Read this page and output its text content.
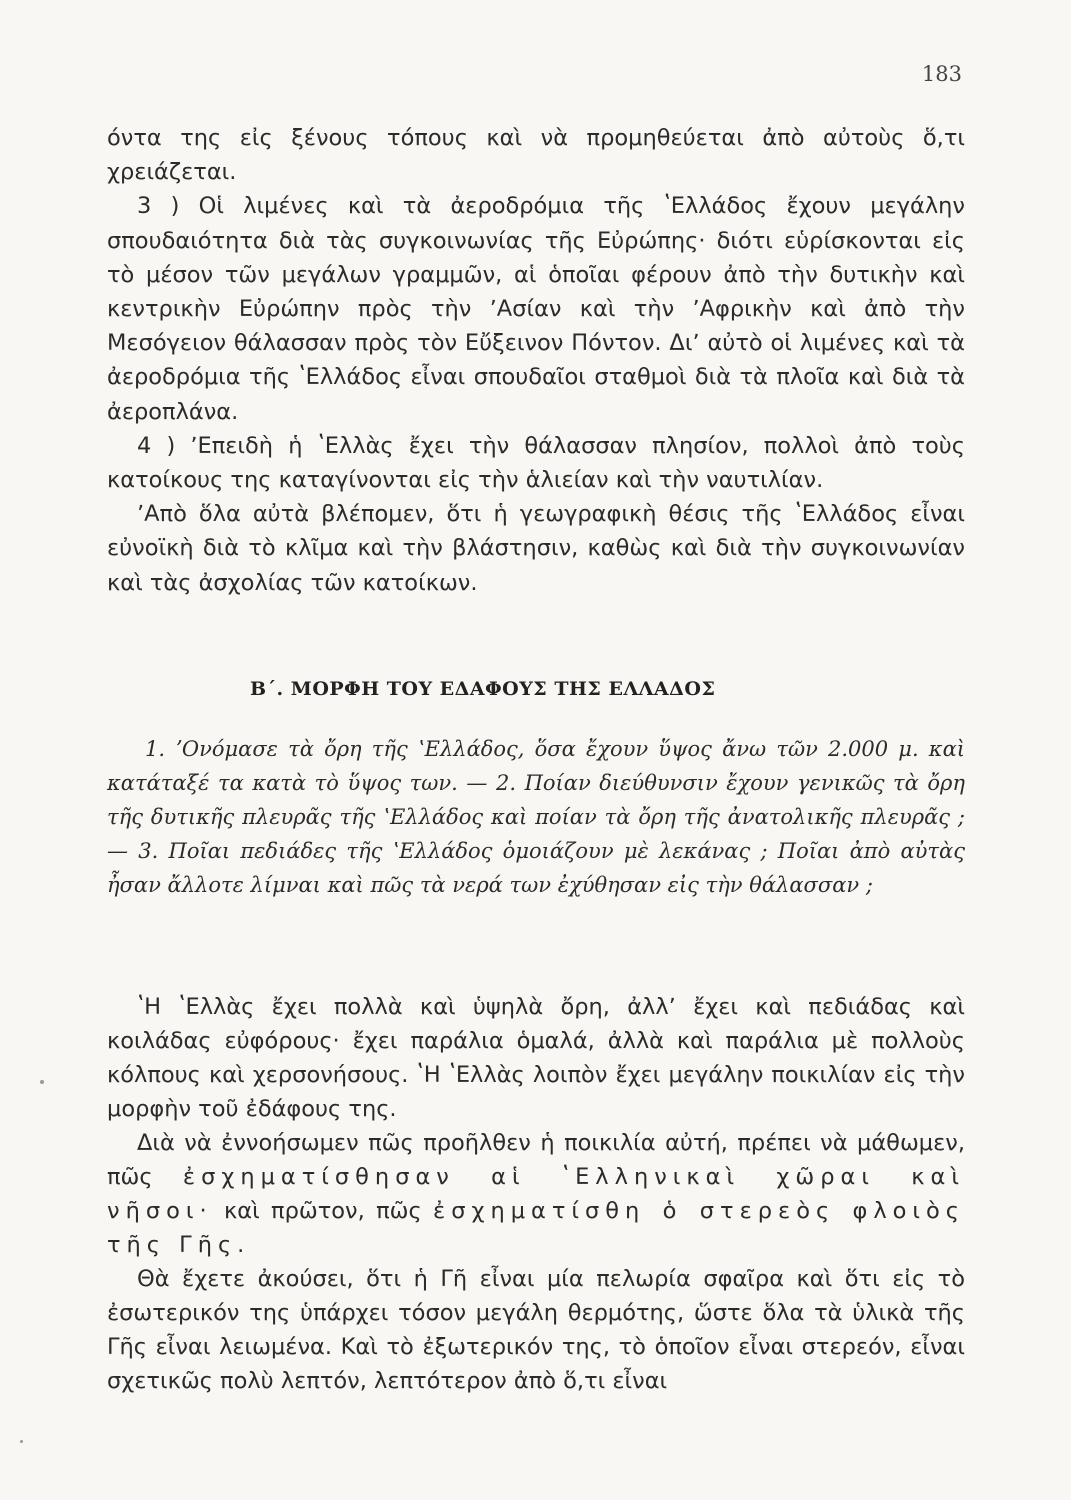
183

όντα της εἰς ξένους τόπους καὶ νὰ προμηθεύεται ἀπὸ αὐτοὺς ὅ,τι χρειάζεται.

3 ) Οἱ λιμένες καὶ τὰ ἀεροδρόμια τῆς ʽΕλλάδος ἔχουν μεγάλην σπουδαιότητα διὰ τὰς συγκοινωνίας τῆς Εὐρώπης· διότι εὑρίσκονται εἰς τὸ μέσον τῶν μεγάλων γραμμῶν, αἱ ὁποῖαι φέρουν ἀπὸ τὴν δυτικὴν καὶ κεντρικὴν Εὐρώπην πρὸς τὴν ʼΑσίαν καὶ τὴν ʼΑφρικὴν καὶ ἀπὸ τὴν Μεσόγειον θάλασσαν πρὸς τὸν Εὔξεινον Πόντον. Διʼ αὐτὸ οἱ λιμένες καὶ τὰ ἀεροδρόμια τῆς ʽΕλλάδος εἶναι σπουδαῖοι σταθμοὶ διὰ τὰ πλοῖα καὶ διὰ τὰ ἀεροπλάνα.

4 ) ʼΕπειδὴ ἡ ʽΕλλὰς ἔχει τὴν θάλασσαν πλησίον, πολλοὶ ἀπὸ τοὺς κατοίκους της καταγίνονται εἰς τὴν ἁλιείαν καὶ τὴν ναυτιλίαν.

ʼΑπὸ ὅλα αὐτὰ βλέπομεν, ὅτι ἡ γεωγραφικὴ θέσις τῆς ʽΕλλάδος εἶναι εὐνοϊκὴ διὰ τὸ κλῖμα καὶ τὴν βλάστησιν, καθὼς καὶ διὰ τὴν συγκοινωνίαν καὶ τὰς ἀσχολίας τῶν κατοίκων.

Β΄. ΜΟΡΦΗ ΤΟΥ ΕΔΑΦΟΥΣ ΤΗΣ ΕΛΛΑΔΟΣ

1. ʼΟνόμασε τὰ ὄρη τῆς ʽΕλλάδος, ὅσα ἔχουν ὕψος ἄνω τῶν 2.000 μ. καὶ κατάταξέ τα κατὰ τὸ ὕψος των. — 2. Ποίαν διεύθυνσιν ἔχουν γενικῶς τὰ ὄρη τῆς δυτικῆς πλευρᾶς τῆς ʽΕλλάδος καὶ ποίαν τὰ ὄρη τῆς ἀνατολικῆς πλευρᾶς ; — 3. Ποῖαι πεδιάδες τῆς ʽΕλλάδος ὁμοιάζουν μὲ λεκάνας ; Ποῖαι ἀπὸ αὐτὰς ἦσαν ἄλλοτε λίμναι καὶ πῶς τὰ νερά των ἐχύθησαν εἰς τὴν θάλασσαν ;

ʽΗ ʽΕλλὰς ἔχει πολλὰ καὶ ὑψηλὰ ὄρη, ἀλλʼ ἔχει καὶ πεδιάδας καὶ κοιλάδας εὐφόρους· ἔχει παράλια ὁμαλά, ἀλλὰ καὶ παράλια μὲ πολλοὺς κόλπους καὶ χερσονήσους. ʽΗ ʽΕλλὰς λοιπὸν ἔχει μεγάλην ποικιλίαν εἰς τὴν μορφὴν τοῦ ἐδάφους της.

Διὰ νὰ ἐννοήσωμεν πῶς προῆλθεν ἡ ποικιλία αὐτή, πρέπει νὰ μάθωμεν, πῶς ἐσχηματίσθησαν αἱ ʽΕλληνικαὶ χῶραι καὶ νῆσοι· καὶ πρῶτον, πῶς ἐσχηματίσθη ὁ στερεὸς φλοιὸς τῆς Γῆς.

Θὰ ἔχετε ἀκούσει, ὅτι ἡ Γῆ εἶναι μία πελωρία σφαῖρα καὶ ὅτι εἰς τὸ ἐσωτερικόν της ὑπάρχει τόσον μεγάλη θερμότης, ὥστε ὅλα τὰ ὑλικὰ τῆς Γῆς εἶναι λειωμένα. Καὶ τὸ ἐξωτερικόν της, τὸ ὁποῖον εἶναι στερεόν, εἶναι σχετικῶς πολὺ λεπτόν, λεπτότερον ἀπὸ ὅ,τι εἶναι
